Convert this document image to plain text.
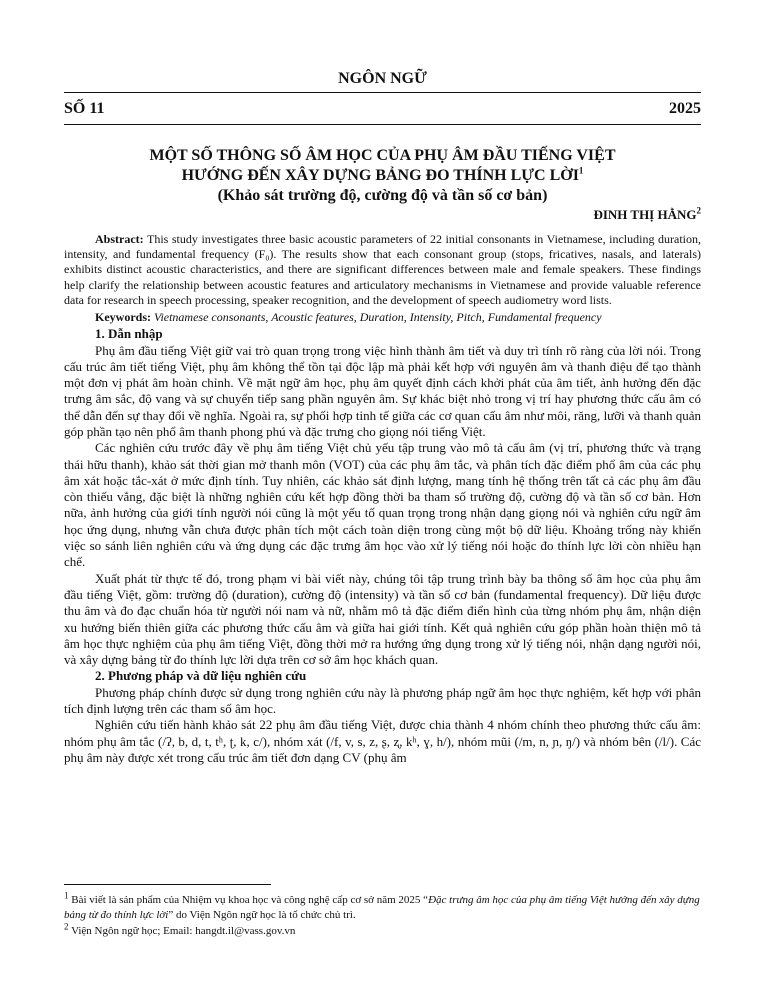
NGÔN NGỮ
SỐ 11	2025
MỘT SỐ THÔNG SỐ ÂM HỌC CỦA PHỤ ÂM ĐẦU TIẾNG VIỆT
HƯỚNG ĐẾN XÂY DỰNG BẢNG ĐO THÍNH LỰC LỜI$^1$
(Khảo sát trường độ, cường độ và tần số cơ bản)
ĐINH THỊ HẰNG$^2$

Abstract: This study investigates three basic acoustic parameters of 22 initial consonants in Vietnamese, including duration, intensity, and fundamental frequency (F₀). The results show that each consonant group (stops, fricatives, nasals, and laterals) exhibits distinct acoustic characteristics, and there are significant differences between male and female speakers. These findings help clarify the relationship between acoustic features and articulatory mechanisms in Vietnamese and provide valuable reference data for research in speech processing, speaker recognition, and the development of speech audiometry word lists.

Keywords: Vietnamese consonants, Acoustic features, Duration, Intensity, Pitch, Fundamental frequency

1. Dẫn nhập

Phụ âm đầu tiếng Việt giữ vai trò quan trọng trong việc hình thành âm tiết và duy trì tính rõ ràng của lời nói. Trong cấu trúc âm tiết tiếng Việt, phụ âm không thể tồn tại độc lập mà phải kết hợp với nguyên âm và thanh điệu để tạo thành một đơn vị phát âm hoàn chỉnh. Về mặt ngữ âm học, phụ âm quyết định cách khởi phát của âm tiết, ảnh hưởng đến đặc trưng âm sắc, độ vang và sự chuyển tiếp sang phần nguyên âm. Sự khác biệt nhỏ trong vị trí hay phương thức cấu âm có thể dẫn đến sự thay đổi về nghĩa. Ngoài ra, sự phối hợp tinh tế giữa các cơ quan cấu âm như môi, răng, lưỡi và thanh quản góp phần tạo nên phổ âm thanh phong phú và đặc trưng cho giọng nói tiếng Việt.

Các nghiên cứu trước đây về phụ âm tiếng Việt chủ yếu tập trung vào mô tả cấu âm (vị trí, phương thức và trạng thái hữu thanh), khảo sát thời gian mở thanh môn (VOT) của các phụ âm tắc, và phân tích đặc điểm phổ âm của các phụ âm xát hoặc tắc-xát ở mức định tính. Tuy nhiên, các khảo sát định lượng, mang tính hệ thống trên tất cả các phụ âm đầu còn thiếu vắng, đặc biệt là những nghiên cứu kết hợp đồng thời ba tham số trường độ, cường độ và tần số cơ bản. Hơn nữa, ảnh hưởng của giới tính người nói cũng là một yếu tố quan trọng trong nhận dạng giọng nói và nghiên cứu ngữ âm học ứng dụng, nhưng vẫn chưa được phân tích một cách toàn diện trong cùng một bộ dữ liệu. Khoảng trống này khiến việc so sánh liên nghiên cứu và ứng dụng các đặc trưng âm học vào xử lý tiếng nói hoặc đo thính lực lời còn nhiều hạn chế.

Xuất phát từ thực tế đó, trong phạm vi bài viết này, chúng tôi tập trung trình bày ba thông số âm học của phụ âm đầu tiếng Việt, gồm: trường độ (duration), cường độ (intensity) và tần số cơ bản (fundamental frequency). Dữ liệu được thu âm và đo đạc chuẩn hóa từ người nói nam và nữ, nhằm mô tả đặc điểm điển hình của từng nhóm phụ âm, nhận diện xu hướng biến thiên giữa các phương thức cấu âm và giữa hai giới tính. Kết quả nghiên cứu góp phần hoàn thiện mô tả âm học thực nghiệm của phụ âm tiếng Việt, đồng thời mở ra hướng ứng dụng trong xử lý tiếng nói, nhận dạng người nói, và xây dựng bảng từ đo thính lực lời dựa trên cơ sở âm học khách quan.

2. Phương pháp và dữ liệu nghiên cứu

Phương pháp chính được sử dụng trong nghiên cứu này là phương pháp ngữ âm học thực nghiệm, kết hợp với phân tích định lượng trên các tham số âm học.

Nghiên cứu tiến hành khảo sát 22 phụ âm đầu tiếng Việt, được chia thành 4 nhóm chính theo phương thức cấu âm: nhóm phụ âm tắc (/ʔ, b, d, t, tʰ, ʈ, k, c/), nhóm xát (/f, v, s, z, ʂ, ʐ, kʰ, ɣ, h/), nhóm mũi (/m, n, ɲ, ŋ/) và nhóm bên (/l/). Các phụ âm này được xét trong cấu trúc âm tiết đơn dạng CV (phụ âm

$^1$ Bài viết là sản phẩm của Nhiệm vụ khoa học và công nghệ cấp cơ sở năm 2025 “Đặc trưng âm học của phụ âm tiếng Việt hướng đến xây dựng bảng từ đo thính lực lời” do Viện Ngôn ngữ học là tổ chức chủ trì.

$^2$ Viện Ngôn ngữ học; Email: hangdt.il@vass.gov.vn
